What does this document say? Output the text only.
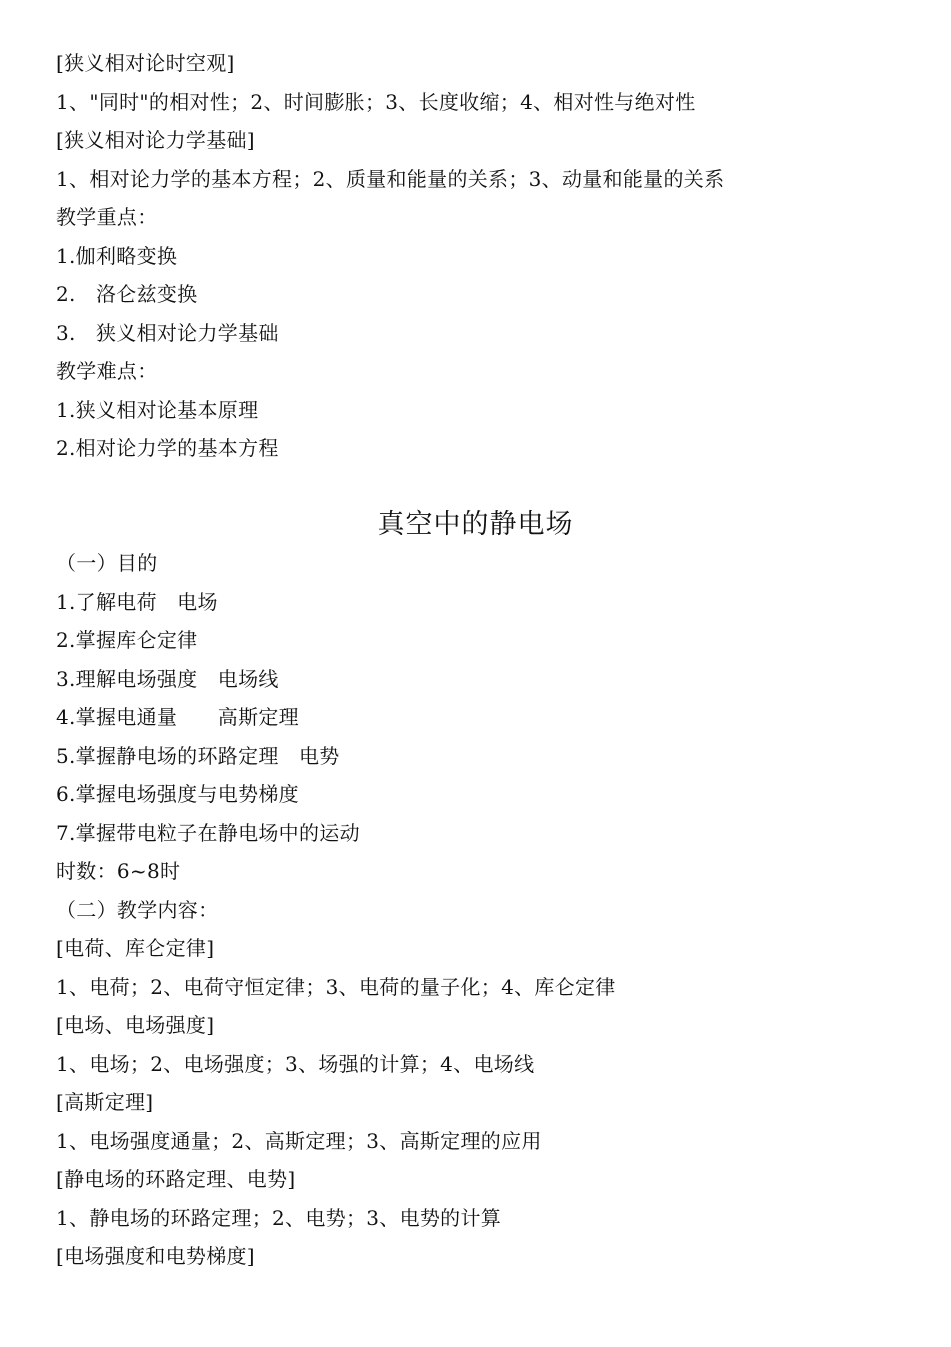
[狭义相对论时空观]
1、"同时"的相对性；2、时间膨胀；3、长度收缩；4、相对性与绝对性
[狭义相对论力学基础]
1、相对论力学的基本方程；2、质量和能量的关系；3、动量和能量的关系
教学重点：
1.伽利略变换
2.　洛仑兹变换
3.　狭义相对论力学基础
教学难点：
1.狭义相对论基本原理
2.相对论力学的基本方程
真空中的静电场
（一）目的
1.了解电荷　电场
2.掌握库仑定律
3.理解电场强度　电场线
4.掌握电通量　　高斯定理
5.掌握静电场的环路定理　电势
6.掌握电场强度与电势梯度
7.掌握带电粒子在静电场中的运动
时数：6~8时
（二）教学内容：
[电荷、库仑定律]
1、电荷；2、电荷守恒定律；3、电荷的量子化；4、库仑定律
[电场、电场强度]
1、电场；2、电场强度；3、场强的计算；4、电场线
[高斯定理]
1、电场强度通量；2、高斯定理；3、高斯定理的应用
[静电场的环路定理、电势]
1、静电场的环路定理；2、电势；3、电势的计算
[电场强度和电势梯度]
